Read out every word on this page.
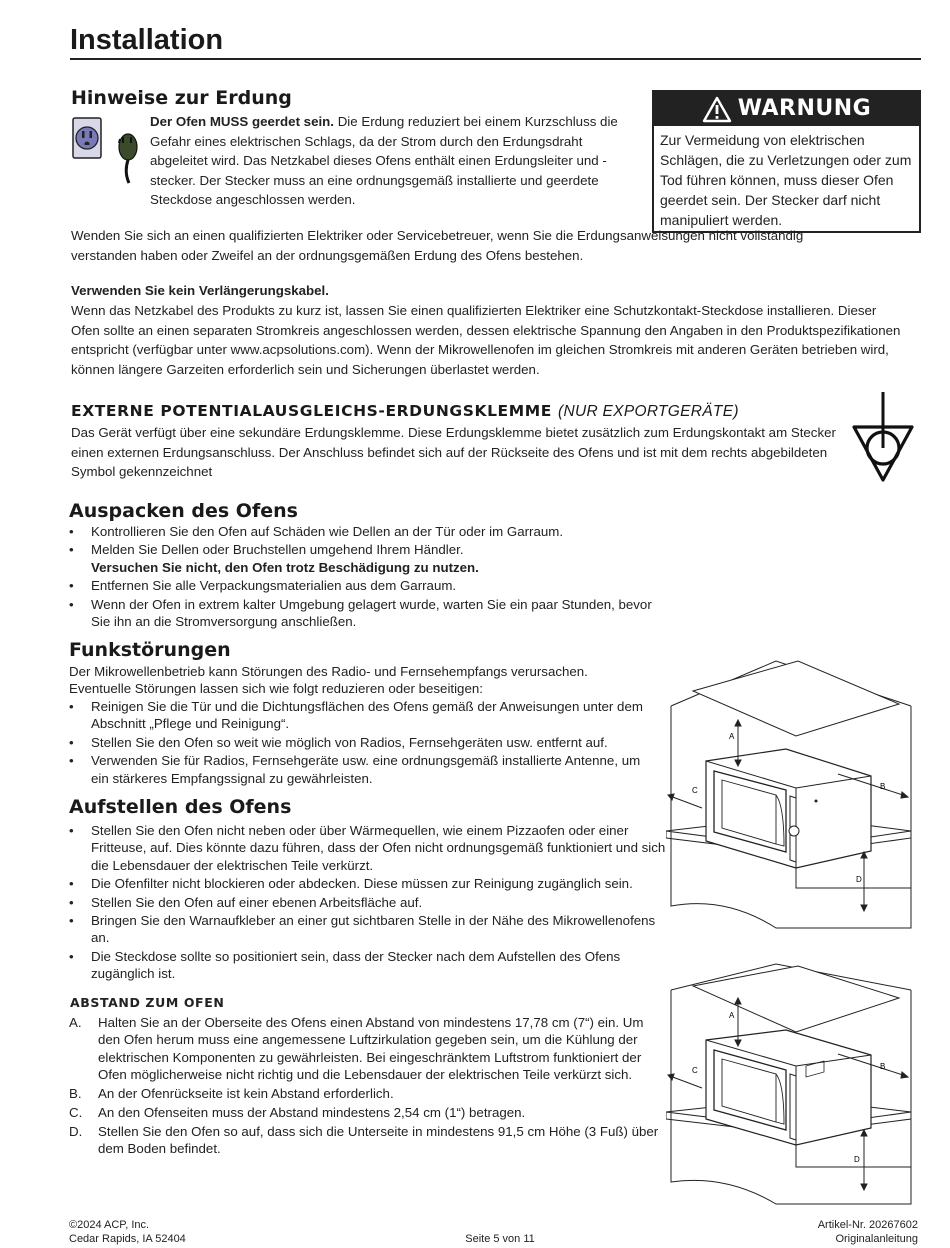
Installation
Hinweise zur Erdung
Der Ofen MUSS geerdet sein. Die Erdung reduziert bei einem Kurzschluss die Gefahr eines elektrischen Schlags, da der Strom durch den Erdungsdraht abgeleitet wird. Das Netzkabel dieses Ofens enthält einen Erdungsleiter und -stecker. Der Stecker muss an eine ordnungsgemäß installierte und geerdete Steckdose angeschlossen werden.
WARNUNG
Zur Vermeidung von elektrischen Schlägen, die zu Verletzungen oder zum Tod führen können, muss dieser Ofen geerdet sein. Der Stecker darf nicht manipuliert werden.
Wenden Sie sich an einen qualifizierten Elektriker oder Servicebetreuer, wenn Sie die Erdungsanweisungen nicht vollständig verstanden haben oder Zweifel an der ordnungsgemäßen Erdung des Ofens bestehen.
Verwenden Sie kein Verlängerungskabel.
Wenn das Netzkabel des Produkts zu kurz ist, lassen Sie einen qualifizierten Elektriker eine Schutzkontakt-Steckdose installieren. Dieser Ofen sollte an einen separaten Stromkreis angeschlossen werden, dessen elektrische Spannung den Angaben in den Produktspezifikationen entspricht (verfügbar unter www.acpsolutions.com). Wenn der Mikrowellenofen im gleichen Stromkreis mit anderen Geräten betrieben wird, können längere Garzeiten erforderlich sein und Sicherungen überlastet werden.
EXTERNE POTENTIALAUSGLEICHS-ERDUNGSKLEMME (NUR EXPORTGERÄTE)
Das Gerät verfügt über eine sekundäre Erdungsklemme. Diese Erdungsklemme bietet zusätzlich zum Erdungskontakt am Stecker einen externen Erdungsanschluss. Der Anschluss befindet sich auf der Rückseite des Ofens und ist mit dem rechts abgebildeten Symbol gekennzeichnet
Auspacken des Ofens
• Kontrollieren Sie den Ofen auf Schäden wie Dellen an der Tür oder im Garraum.
• Melden Sie Dellen oder Bruchstellen umgehend Ihrem Händler.
Versuchen Sie nicht, den Ofen trotz Beschädigung zu nutzen.
• Entfernen Sie alle Verpackungsmaterialien aus dem Garraum.
• Wenn der Ofen in extrem kalter Umgebung gelagert wurde, warten Sie ein paar Stunden, bevor Sie ihn an die Stromversorgung anschließen.
Funkstörungen
Der Mikrowellenbetrieb kann Störungen des Radio- und Fernsehempfangs verursachen. Eventuelle Störungen lassen sich wie folgt reduzieren oder beseitigen:
• Reinigen Sie die Tür und die Dichtungsflächen des Ofens gemäß der Anweisungen unter dem Abschnitt „Pflege und Reinigung“.
• Stellen Sie den Ofen so weit wie möglich von Radios, Fernsehgeräten usw. entfernt auf.
• Verwenden Sie für Radios, Fernsehgeräte usw. eine ordnungsgemäß installierte Antenne, um ein stärkeres Empfangssignal zu gewährleisten.
Aufstellen des Ofens
• Stellen Sie den Ofen nicht neben oder über Wärmequellen, wie einem Pizzaofen oder einer Fritteuse, auf. Dies könnte dazu führen, dass der Ofen nicht ordnungsgemäß funktioniert und sich die Lebensdauer der elektrischen Teile verkürzt.
• Die Ofenfilter nicht blockieren oder abdecken. Diese müssen zur Reinigung zugänglich sein.
• Stellen Sie den Ofen auf einer ebenen Arbeitsfläche auf.
• Bringen Sie den Warnaufkleber an einer gut sichtbaren Stelle in der Nähe des Mikrowellenofens an.
• Die Steckdose sollte so positioniert sein, dass der Stecker nach dem Aufstellen des Ofens zugänglich ist.
ABSTAND ZUM OFEN
A. Halten Sie an der Oberseite des Ofens einen Abstand von mindestens 17,78 cm (7“) ein. Um den Ofen herum muss eine angemessene Luftzirkulation gegeben sein, um die Kühlung der elektrischen Komponenten zu gewährleisten. Bei eingeschränktem Luftstrom funktioniert der Ofen möglicherweise nicht richtig und die Lebensdauer der elektrischen Teile verkürzt sich.
B. An der Ofenrückseite ist kein Abstand erforderlich.
C. An den Ofenseiten muss der Abstand mindestens 2,54 cm (1“) betragen.
D. Stellen Sie den Ofen so auf, dass sich die Unterseite in mindestens 91,5 cm Höhe (3 Fuß) über dem Boden befindet.
A
B
C
D
A
B
C
D
©2024 ACP, Inc.
Cedar Rapids, IA 52404	Seite 5 von 11
Artikel-Nr. 20267602
Originalanleitung
